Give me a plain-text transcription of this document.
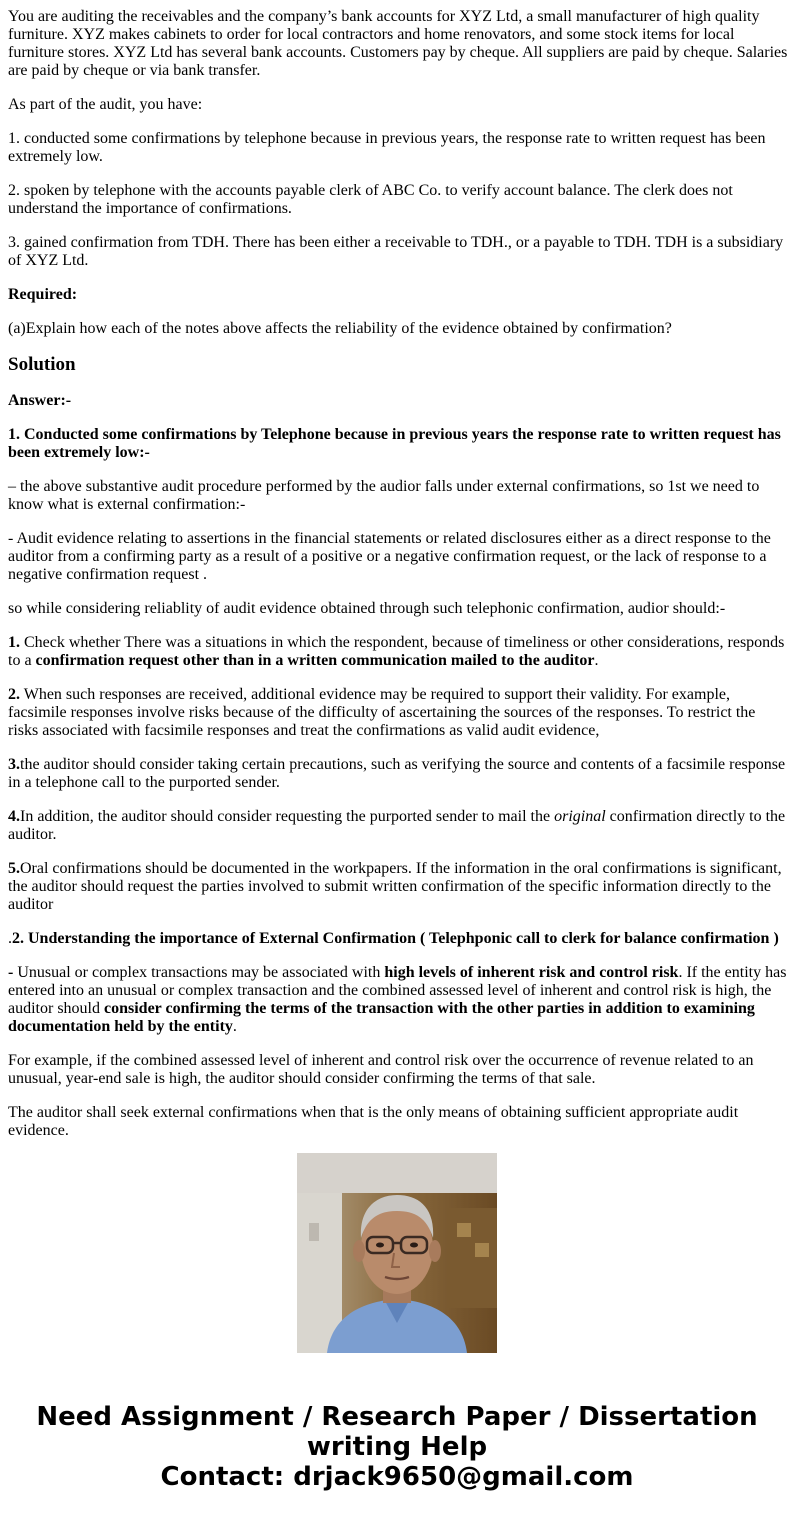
You are auditing the receivables and the company’s bank accounts for XYZ Ltd, a small manufacturer of high quality furniture. XYZ makes cabinets to order for local contractors and home renovators, and some stock items for local furniture stores. XYZ Ltd has several bank accounts. Customers pay by cheque. All suppliers are paid by cheque. Salaries are paid by cheque or via bank transfer.

As part of the audit, you have:

1. conducted some confirmations by telephone because in previous years, the response rate to written request has been extremely low.

2. spoken by telephone with the accounts payable clerk of ABC Co. to verify account balance. The clerk does not understand the importance of confirmations.

3. gained confirmation from TDH. There has been either a receivable to TDH., or a payable to TDH. TDH is a subsidiary of XYZ Ltd.

Required:

(a)Explain how each of the notes above affects the reliability of the evidence obtained by confirmation?

Solution

Answer:-

1. Conducted some confirmations by Telephone because in previous years the response rate to written request has been extremely low:-

– the above substantive audit procedure performed by the audior falls under external confirmations, so 1st we need to know what is external confirmation:-

- Audit evidence relating to assertions in the financial statements or related disclosures either as a direct response to the auditor from a confirming party as a result of a positive or a negative confirmation request, or the lack of response to a negative confirmation request .

so while considering reliablity of audit evidence obtained through such telephonic confirmation, audior should:-

1. Check whether There was a situations in which the respondent, because of timeliness or other considerations, responds to a confirmation request other than in a written communication mailed to the auditor.

2. When such responses are received, additional evidence may be required to support their validity. For example, facsimile responses involve risks because of the difficulty of ascertaining the sources of the responses. To restrict the risks associated with facsimile responses and treat the confirmations as valid audit evidence,

3.the auditor should consider taking certain precautions, such as verifying the source and contents of a facsimile response in a telephone call to the purported sender.

4.In addition, the auditor should consider requesting the purported sender to mail the original confirmation directly to the auditor.

5.Oral confirmations should be documented in the workpapers. If the information in the oral confirmations is significant, the auditor should request the parties involved to submit written confirmation of the specific information directly to the auditor

.2. Understanding the importance of External Confirmation ( Telephponic call to clerk for balance confirmation )

- Unusual or complex transactions may be associated with high levels of inherent risk and control risk. If the entity has entered into an unusual or complex transaction and the combined assessed level of inherent and control risk is high, the auditor should consider confirming the terms of the transaction with the other parties in addition to examining documentation held by the entity.

For example, if the combined assessed level of inherent and control risk over the occurrence of revenue related to an unusual, year-end sale is high, the auditor should consider confirming the terms of that sale.

The auditor shall seek external confirmations when that is the only means of obtaining sufficient appropriate audit evidence.

Need Assignment / Research Paper / Dissertation writing Help
Contact: drjack9650@gmail.com
